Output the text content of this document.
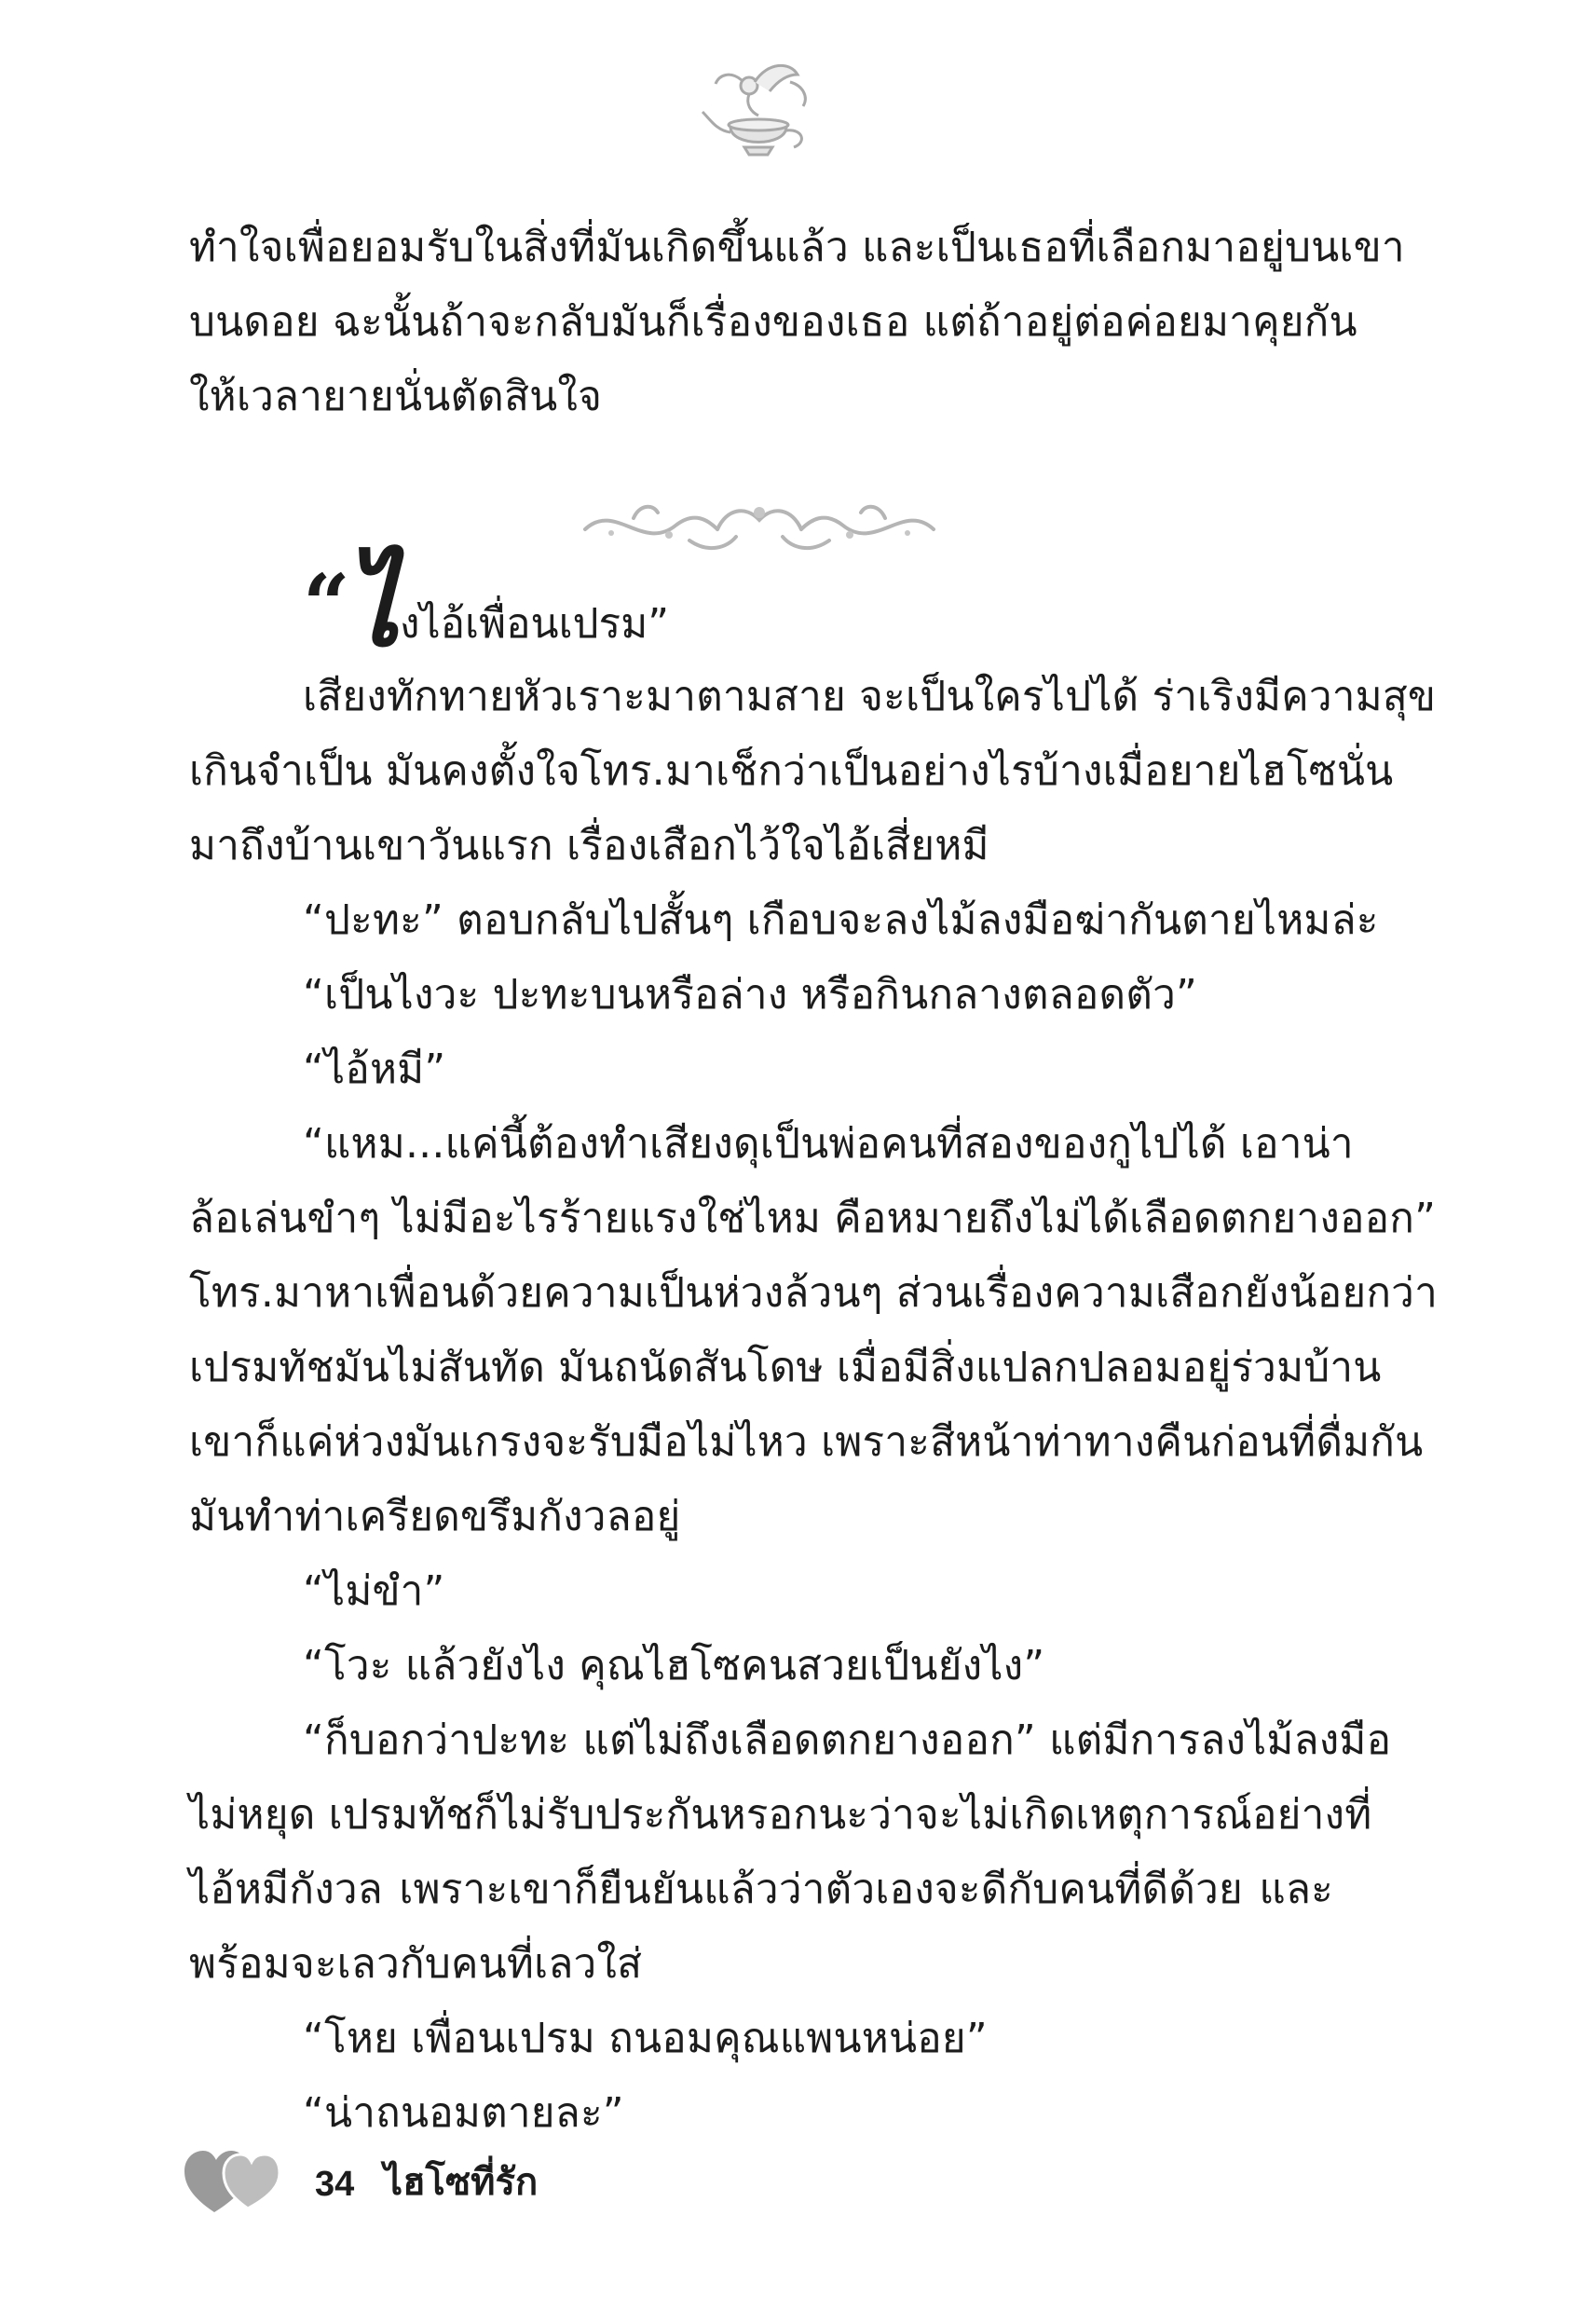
ทำใจเพื่อยอมรับในสิ่งที่มันเกิดขึ้นแล้ว และเป็นเธอที่เลือกมาอยู่บนเขา

บนดอย ฉะนั้นถ้าจะกลับมันก็เรื่องของเธอ แต่ถ้าอยู่ต่อค่อยมาคุยกัน

ให้เวลายายนั่นตัดสินใจ

“
ไ งไอ้เพื่อนเปรม”

เสียงทักทายหัวเราะมาตามสาย จะเป็นใครไปได้ ร่าเริงมีความสุข

เกินจำเป็น มันคงตั้งใจโทร.มาเช็กว่าเป็นอย่างไรบ้างเมื่อยายไฮโซนั่น

มาถึงบ้านเขาวันแรก เรื่องเสือกไว้ใจไอ้เสี่ยหมี

“ปะทะ” ตอบกลับไปสั้นๆ เกือบจะลงไม้ลงมือฆ่ากันตายไหมล่ะ

“เป็นไงวะ ปะทะบนหรือล่าง หรือกินกลางตลอดตัว”

“ไอ้หมี”

“แหม...แค่นี้ต้องทำเสียงดุเป็นพ่อคนที่สองของกูไปได้ เอาน่า

ล้อเล่นขำๆ ไม่มีอะไรร้ายแรงใช่ไหม คือหมายถึงไม่ได้เลือดตกยางออก”

โทร.มาหาเพื่อนด้วยความเป็นห่วงล้วนๆ ส่วนเรื่องความเสือกยังน้อยกว่า

เปรมทัชมันไม่สันทัด มันถนัดสันโดษ เมื่อมีสิ่งแปลกปลอมอยู่ร่วมบ้าน

เขาก็แค่ห่วงมันเกรงจะรับมือไม่ไหว เพราะสีหน้าท่าทางคืนก่อนที่ดื่มกัน

มันทำท่าเครียดขรึมกังวลอยู่

“ไม่ขำ”

“โวะ แล้วยังไง คุณไฮโซคนสวยเป็นยังไง”

“ก็บอกว่าปะทะ แต่ไม่ถึงเลือดตกยางออก” แต่มีการลงไม้ลงมือ

ไม่หยุด เปรมทัชก็ไม่รับประกันหรอกนะว่าจะไม่เกิดเหตุการณ์อย่างที่

ไอ้หมีกังวล เพราะเขาก็ยืนยันแล้วว่าตัวเองจะดีกับคนที่ดีด้วย และ

พร้อมจะเลวกับคนที่เลวใส่

“โหย เพื่อนเปรม ถนอมคุณแพนหน่อย”

“น่าถนอมตายละ”

34 ไฮโซที่รัก
